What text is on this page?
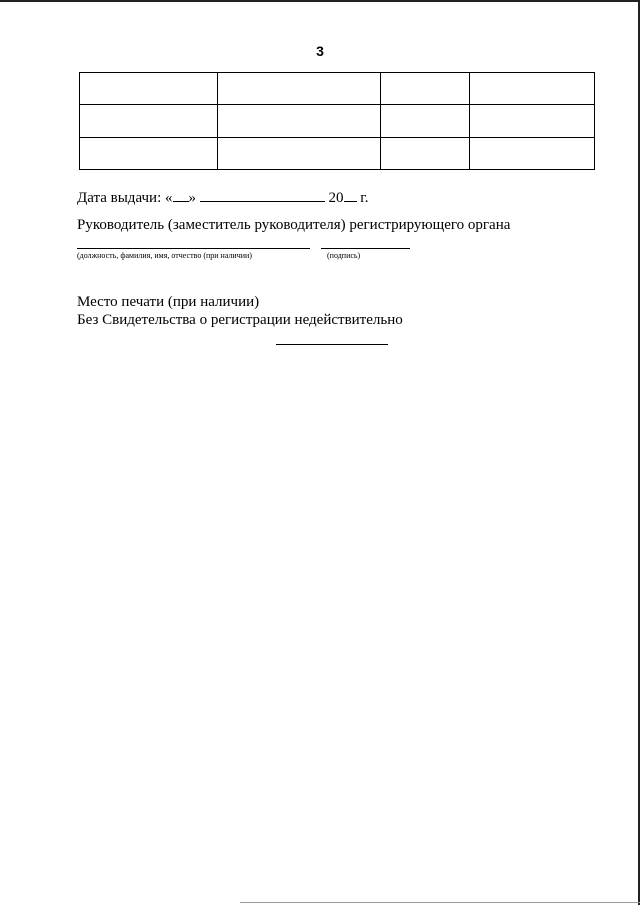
3

Дата выдачи: « »	20 г.
Руководитель (заместитель руководителя) регистрирующего органа
(должность, фамилия, имя, отчество (при наличии)	(подпись)
Место печати (при наличии)
Без Свидетельства о регистрации недействительно
